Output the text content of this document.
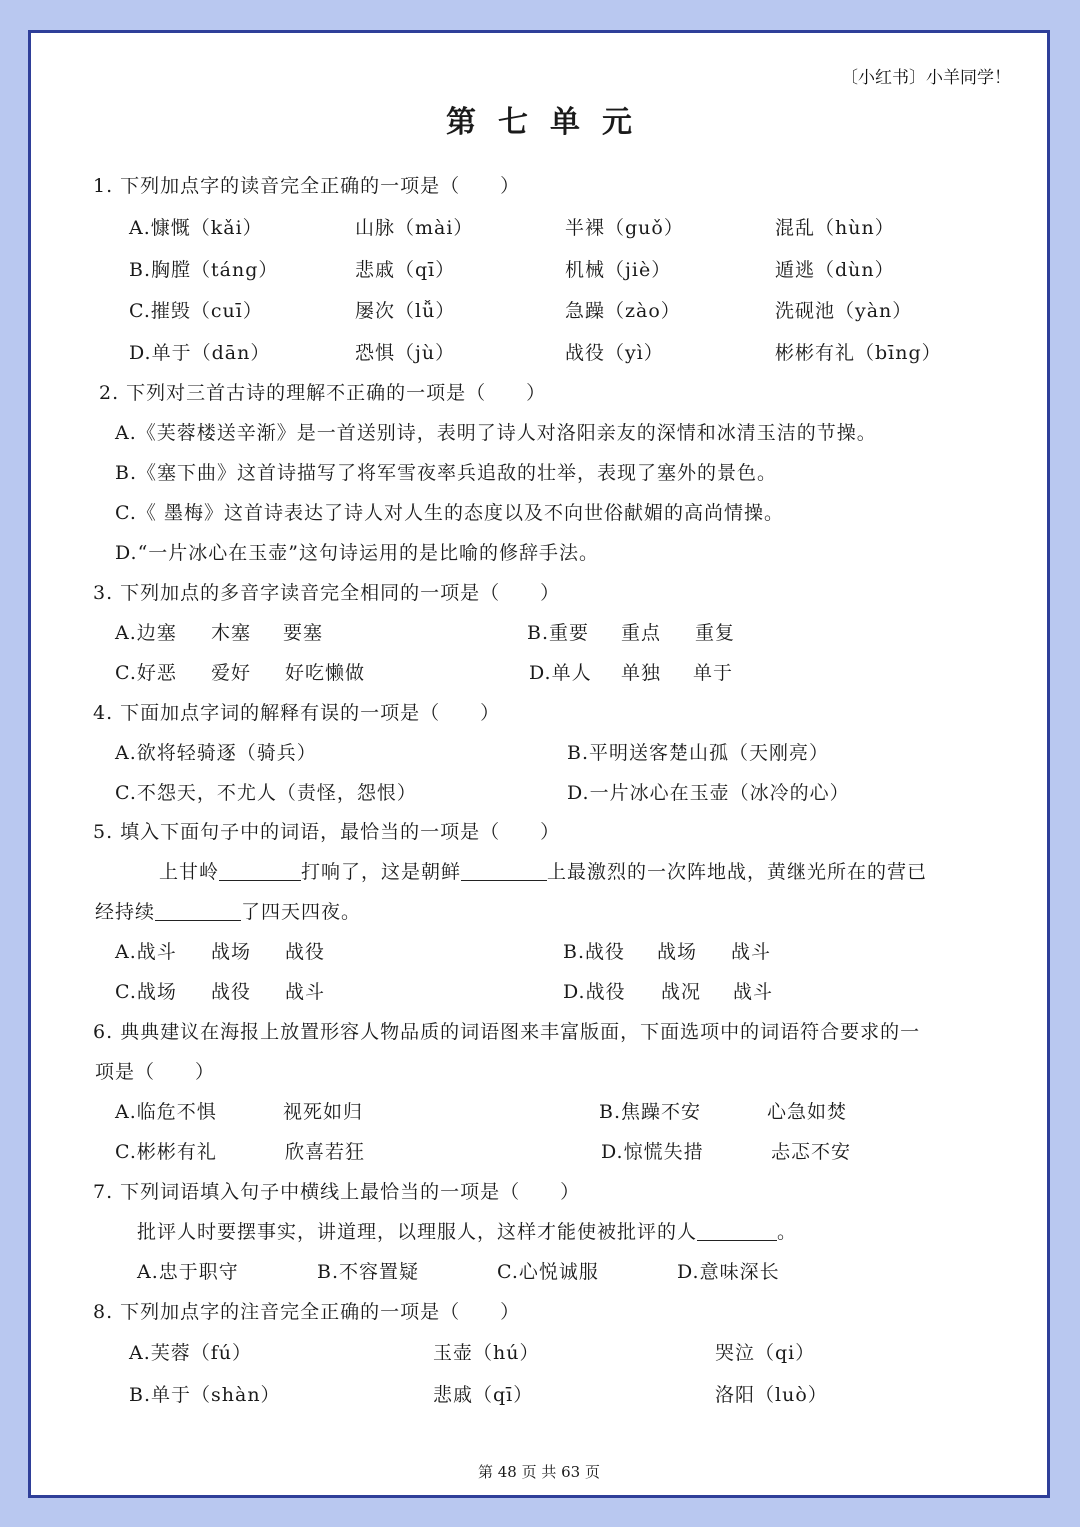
〔小红书〕小羊同学！
第七单元
1. 下列加点字的读音完全正确的一项是（　　）
A.慷慨（kǎi）	山脉（mài）	半裸（guǒ）	混乱（hùn）
B.胸膛（táng）	悲戚（qī）	机械（jiè）	遁逃（dùn）
C.摧毁（cuī）	屡次（lǚ）	急躁（zào）	洗砚池（yàn）
D.单于（dān）	恐惧（jù）	战役（yì）	彬彬有礼（bīng）
2. 下列对三首古诗的理解不正确的一项是（　　）
A.《芙蓉楼送辛渐》是一首送别诗，表明了诗人对洛阳亲友的深情和冰清玉洁的节操。
B.《塞下曲》这首诗描写了将军雪夜率兵追敌的壮举，表现了塞外的景色。
C.《 墨梅》这首诗表达了诗人对人生的态度以及不向世俗献媚的高尚情操。
D.“一片冰心在玉壶”这句诗运用的是比喻的修辞手法。
3. 下列加点的多音字读音完全相同的一项是（　　）
A.边塞 木塞 要塞	B.重要 重点 重复
C.好恶 爱好 好吃懒做	D.单人 单独 单于
4. 下面加点字词的解释有误的一项是（　　）
A.欲将轻骑逐（骑兵）	B.平明送客楚山孤（天刚亮）
C.不怨天，不尤人（责怪，怨恨）	D.一片冰心在玉壶（冰冷的心）
5. 填入下面句子中的词语，最恰当的一项是（　　）
上甘岭	打响了，这是朝鲜	上最激烈的一次阵地战，黄继光所在的营已
经持续	了四天四夜。
A.战斗 战场 战役	B.战役 战场 战斗
C.战场 战役 战斗	D.战役 战况 战斗
6. 典典建议在海报上放置形容人物品质的词语图来丰富版面，下面选项中的词语符合要求的一
项是（　　）
A.临危不惧	视死如归	B.焦躁不安	心急如焚
C.彬彬有礼	欣喜若狂	D.惊慌失措	忐忑不安
7. 下列词语填入句子中横线上最恰当的一项是（　　）
批评人时要摆事实，讲道理，以理服人，这样才能使被批评的人	。
A.忠于职守	B.不容置疑	C.心悦诚服	D.意味深长
8. 下列加点字的注音完全正确的一项是（　　）
A.芙蓉（fú）	玉壶（hú）	哭泣（qi）
B.单于（shàn）	悲戚（qī）	洛阳（luò）
第 48 页 共 63 页
